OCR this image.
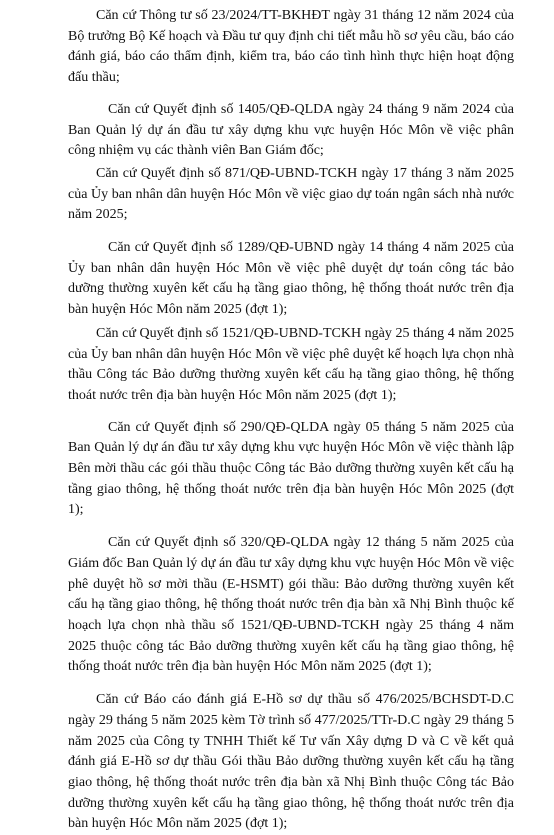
Căn cứ Thông tư số 23/2024/TT-BKHĐT ngày 31 tháng 12 năm 2024 của Bộ trưởng Bộ Kế hoạch và Đầu tư quy định chi tiết mẫu hồ sơ yêu cầu, báo cáo đánh giá, báo cáo thẩm định, kiểm tra, báo cáo tình hình thực hiện hoạt động đấu thầu;

Căn cứ Quyết định số 1405/QĐ-QLDA ngày 24 tháng 9 năm 2024 của Ban Quản lý dự án đầu tư xây dựng khu vực huyện Hóc Môn về việc phân công nhiệm vụ các thành viên Ban Giám đốc;

Căn cứ Quyết định số 871/QĐ-UBND-TCKH ngày 17 tháng 3 năm 2025 của Ủy ban nhân dân huyện Hóc Môn về việc giao dự toán ngân sách nhà nước năm 2025;

Căn cứ Quyết định số 1289/QĐ-UBND ngày 14 tháng 4 năm 2025 của Ủy ban nhân dân huyện Hóc Môn về việc phê duyệt dự toán công tác bảo dưỡng thường xuyên kết cấu hạ tầng giao thông, hệ thống thoát nước trên địa bàn huyện Hóc Môn năm 2025 (đợt 1);

Căn cứ Quyết định số 1521/QĐ-UBND-TCKH ngày 25 tháng 4 năm 2025 của Ủy ban nhân dân huyện Hóc Môn về việc phê duyệt kế hoạch lựa chọn nhà thầu Công tác Bảo dưỡng thường xuyên kết cấu hạ tầng giao thông, hệ thống thoát nước trên địa bàn huyện Hóc Môn năm 2025 (đợt 1);

Căn cứ Quyết định số 290/QĐ-QLDA ngày 05 tháng 5 năm 2025 của Ban Quản lý dự án đầu tư xây dựng khu vực huyện Hóc Môn về việc thành lập Bên mời thầu các gói thầu thuộc Công tác Bảo dưỡng thường xuyên kết cấu hạ tầng giao thông, hệ thống thoát nước trên địa bàn huyện Hóc Môn 2025 (đợt 1);

Căn cứ Quyết định số 320/QĐ-QLDA ngày 12 tháng 5 năm 2025 của Giám đốc Ban Quản lý dự án đầu tư xây dựng khu vực huyện Hóc Môn về việc phê duyệt hồ sơ mời thầu (E-HSMT) gói thầu: Bảo dưỡng thường xuyên kết cấu hạ tầng giao thông, hệ thống thoát nước trên địa bàn xã Nhị Bình thuộc kế hoạch lựa chọn nhà thầu số 1521/QĐ-UBND-TCKH ngày 25 tháng 4 năm 2025 thuộc công tác Bảo dưỡng thường xuyên kết cấu hạ tầng giao thông, hệ thống thoát nước trên địa bàn huyện Hóc Môn năm 2025 (đợt 1);

Căn cứ Báo cáo đánh giá E-Hồ sơ dự thầu số 476/2025/BCHSDT-D.C ngày 29 tháng 5 năm 2025 kèm Tờ trình số 477/2025/TTr-D.C ngày 29 tháng 5 năm 2025 của Công ty TNHH Thiết kế Tư vấn Xây dựng D và C về kết quả đánh giá E-Hồ sơ dự thầu Gói thầu Bảo dưỡng thường xuyên kết cấu hạ tầng giao thông, hệ thống thoát nước trên địa bàn xã Nhị Bình thuộc Công tác Bảo dưỡng thường xuyên kết cấu hạ tầng giao thông, hệ thống thoát nước trên địa bàn huyện Hóc Môn năm 2025 (đợt 1);
